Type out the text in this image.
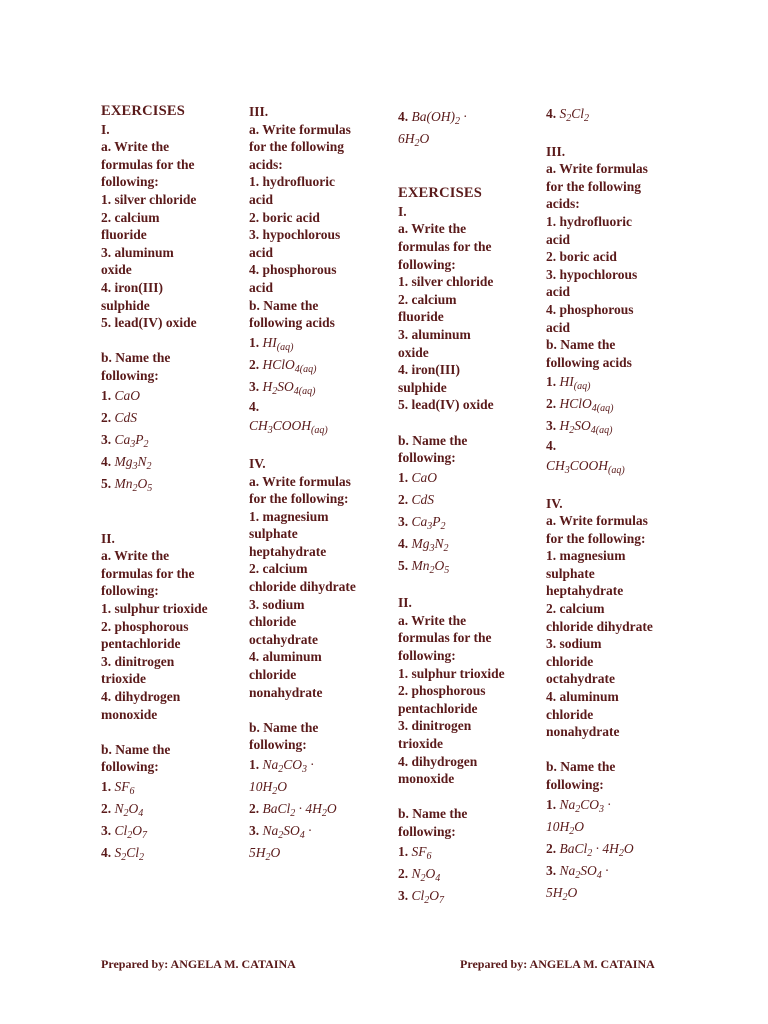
EXERCISES
I.
a. Write the
formulas for the
following:
1. silver chloride
2. calcium
fluoride
3. aluminum
oxide
4. iron(III)
sulphide
5. lead(IV) oxide
b. Name the
following:
1. CaO
2. CdS
3. $Ca_3P_2$
4. $Mg_3N_2$
5. $Mn_2O_5$
II.
a. Write the
formulas for the
following:
1. sulphur trioxide
2. phosphorous
pentachloride
3. dinitrogen
trioxide
4. dihydrogen
monoxide
b. Name the
following:
1. $SF_6$
2. $N_2O_4$
3. $Cl_2O_7$
4. $S_2Cl_2$
III.
a. Write formulas
for the following
acids:
1. hydrofluoric
acid
2. boric acid
3. hypochlorous
acid
4. phosphorous
acid
b. Name the
following acids
1. $HI_{(aq)}$
2. HClO$_{4(aq)}$
3. $H_2SO_{4(aq)}$
4.
$CH_3COOH_{(aq)}$
IV.
a. Write formulas
for the following:
1. magnesium
sulphate
heptahydrate
2. calcium
chloride dihydrate
3. sodium
chloride
octahydrate
4. aluminum
chloride
nonahydrate
b. Name the
following:
1. $Na_2CO_3$ ·
$10H_2O$
2. BaCl$_2$ · $4H_2O$
3. $Na_2SO_4$ ·
$5H_2O$
4. $Ba(OH)_2$ ·
$6H_2O$
EXERCISES
I.
a. Write the
formulas for the
following:
1. silver chloride
2. calcium
fluoride
3. aluminum
oxide
4. iron(III)
sulphide
5. lead(IV) oxide
b. Name the
following:
1. CaO
2. CdS
3. $Ca_3P_2$
4. $Mg_3N_2$
5. $Mn_2O_5$
II.
a. Write the
formulas for the
following:
1. sulphur trioxide
2. phosphorous
pentachloride
3. dinitrogen
trioxide
4. dihydrogen
monoxide
b. Name the
following:
1. $SF_6$
2. $N_2O_4$
3. $Cl_2O_7$
4. $S_2Cl_2$
III.
a. Write formulas
for the following
acids:
1. hydrofluoric
acid
2. boric acid
3. hypochlorous
acid
4. phosphorous
acid
b. Name the
following acids
1. $HI_{(aq)}$
2. HClO$_{4(aq)}$
3. $H_2SO_{4(aq)}$
4.
$CH_3COOH_{(aq)}$
IV.
a. Write formulas
for the following:
1. magnesium
sulphate
heptahydrate
2. calcium
chloride dihydrate
3. sodium
chloride
octahydrate
4. aluminum
chloride
nonahydrate
b. Name the
following:
1. $Na_2CO_3$ ·
$10H_2O$
2. BaCl$_2$ · $4H_2O$
3. $Na_2SO_4$ ·
$5H_2O$
Prepared by: ANGELA M. CATAINA	Prepared by: ANGELA M. CATAINA
